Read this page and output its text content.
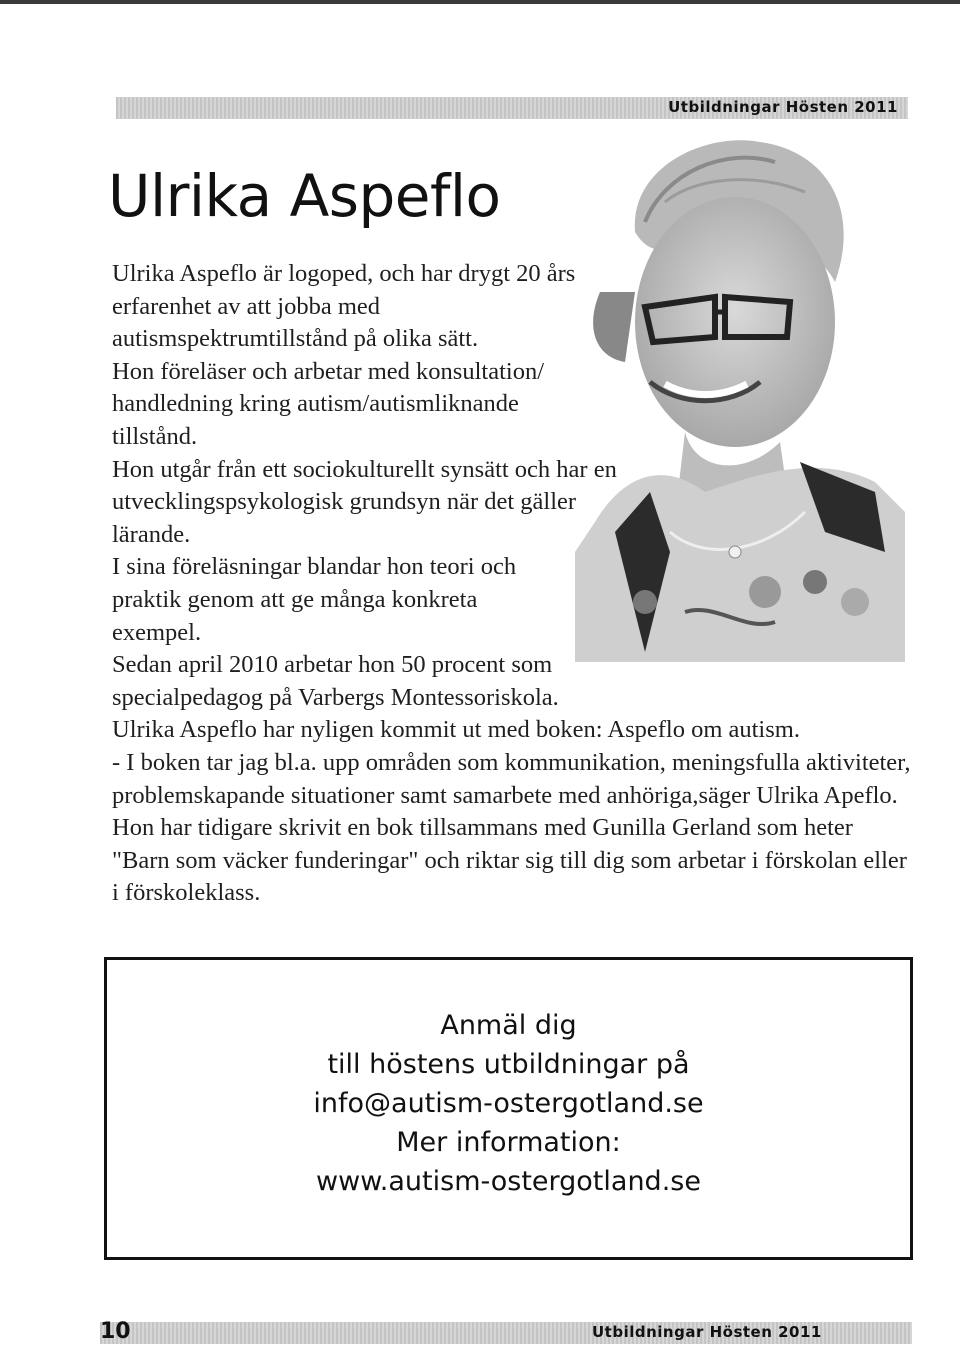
Utbildningar Hösten 2011
Ulrika Aspeflo

Ulrika Aspeflo är logoped, och har drygt 20 års erfarenhet av att jobba med autismspektrumtillstånd på olika sätt.

Hon föreläser och arbetar med konsultation/ handledning kring autism/autismliknande tillstånd.

Hon utgår från ett sociokulturellt synsätt och har en utvecklingspsykologisk grundsyn när det gäller lärande.

I sina föreläsningar blandar hon teori och praktik genom att ge många konkreta exempel.

Sedan april 2010 arbetar hon 50 procent som specialpedagog på Varbergs Montessoriskola.

Ulrika Aspeflo har nyligen kommit ut med boken: Aspeflo om autism.

- I boken tar jag bl.a. upp områden som kommunikation, meningsfulla aktiviteter, problemskapande situationer samt samarbete med anhöriga,säger Ulrika Apeflo.

Hon har tidigare skrivit en bok tillsammans med Gunilla Gerland som heter "Barn som väcker funderingar" och riktar sig till dig som arbetar i förskolan eller i förskoleklass.

Anmäl dig

till höstens utbildningar på

info@autism-ostergotland.se

Mer information:

www.autism-ostergotland.se

10	Utbildningar Hösten 2011
